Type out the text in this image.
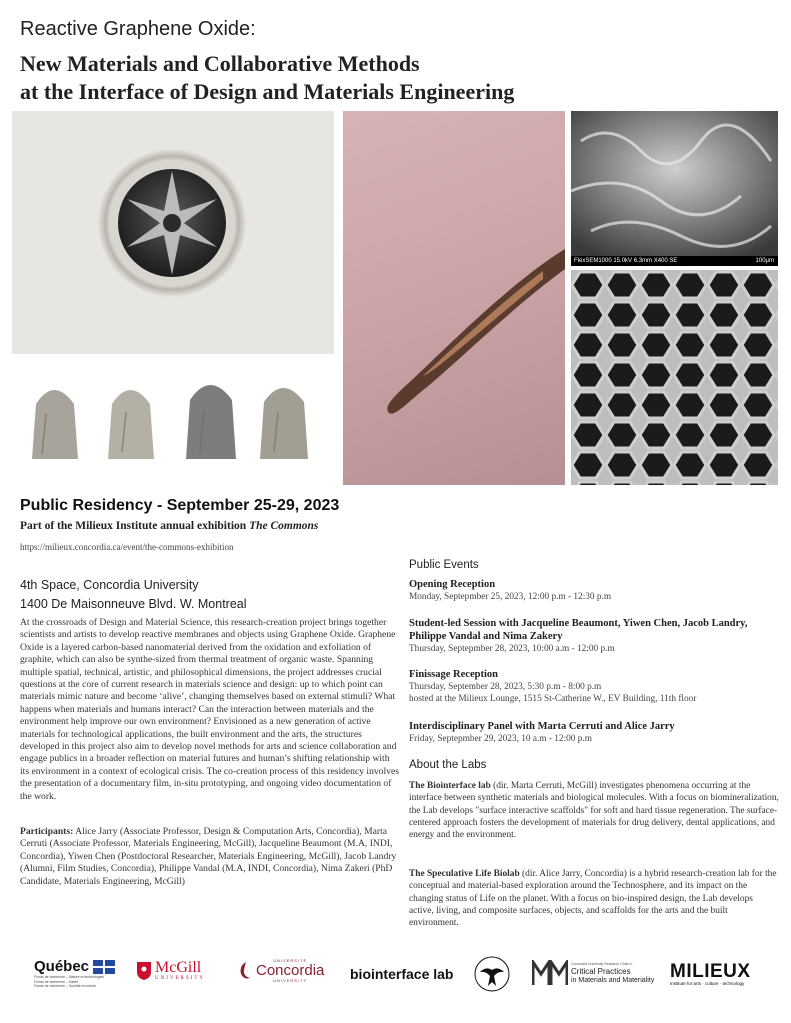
Reactive Graphene Oxide:
New Materials and Collaborative Methods
at the Interface of Design and Materials Engineering
FlexSEM1000 15.0kV 6.3mm X400 SE	100μm
Public Residency - September 25-29, 2023
Part of the Milieux Institute annual exhibition The Commons
https://milieux.concordia.ca/event/the-commons-exhibition
4th Space, Concordia University
1400 De Maisonneuve Blvd. W. Montreal
At the crossroads of Design and Material Science, this research-creation project brings together scientists and artists to develop reactive membranes and objects using Graphene Oxide. Graphene Oxide is a layered carbon-based nanomaterial derived from the oxidation and exfoliation of graphite, which can also be synthe-sized from thermal treatment of organic waste. Spanning multiple spatial, technical, artistic, and philosophical dimensions, the project addresses crucial questions at the core of current research in materials science and design: up to which point can materials mimic nature and become ‘alive’, changing themselves based on external stimuli? What happens when materials and humans interact? Can the interaction between materials and the environment help improve our own environment? Envisioned as a new generation of active materials for technological applications, the built environment and the arts, the structures developed in this project also aim to develop novel methods for arts and science collaboration and engage publics in a broader reflection on material futures and human’s shifting relationship with its environment in a context of ecological crisis. The co-creation process of this residency involves the presentation of a documentary film, in-situ prototyping, and ongoing video documentation of the work.
Participants: Alice Jarry (Associate Professor, Design & Computation Arts, Concordia), Marta Cerruti (Associate Professor, Materials Engineering, McGill), Jacqueline Beaumont (M.A, INDI, Concordia), Yiwen Chen (Postdoctoral Researcher, Materials Engineering, McGill), Jacob Landry (Alumni, Film Studies, Concordia), Philippe Vandal (M.A, INDI, Concordia), Nima Zakeri (PhD Candidate, Materials Engineering, McGill)
Public Events
Opening Reception
Monday, Septepmber 25, 2023, 12:00 p.m - 12:30 p.m
Student-led Session with Jacqueline Beaumont, Yiwen Chen, Jacob Landry, Philippe Vandal and Nima Zakery
Thursday, Septepmber 28, 2023, 10:00 a.m - 12:00 p.m
Finissage Reception
Thursday, September 28, 2023, 5:30 p.m - 8:00 p.m
hosted at the Milieux Lounge, 1515 St-Catherine W., EV Building, 11th floor
Interdisciplinary Panel with Marta Cerruti and Alice Jarry
Friday, Septepmber 29, 2023, 10 a.m - 12:00 p.m
About the Labs
The Biointerface lab (dir. Marta Cerruti, McGill) investigates phenomena occurring at the interface between synthetic materials and biological molecules. With a focus on biomineralization, the Lab develops "surface interactive scaffolds" for soft and hard tissue regeneration. The surface-centered approach fosters the development of materials for drug delivery, dental applications, and energy and the environment.
The Speculative Life Biolab (dir. Alice Jarry, Concordia) is a hybrid research-creation lab for the conceptual and material-based exploration around the Technosphere, and its impact on the changing status of Life on the planet. With a focus on bio-inspired design, the Lab develops active, living, and composite surfaces, objects, and scaffolds for the arts and the built environment.
Québec
Fonds de recherche – Nature et technologies
Fonds de recherche – Santé
Fonds de recherche – Société et culture
McGill
UNIVERSITY
UNIVERSITÉ
Concordia
UNIVERSITY	biointerface lab
Concordia University Research Chair in
Critical Practices
in Materials and Materiality MILIEUX
Institute for arts · culture · technology
